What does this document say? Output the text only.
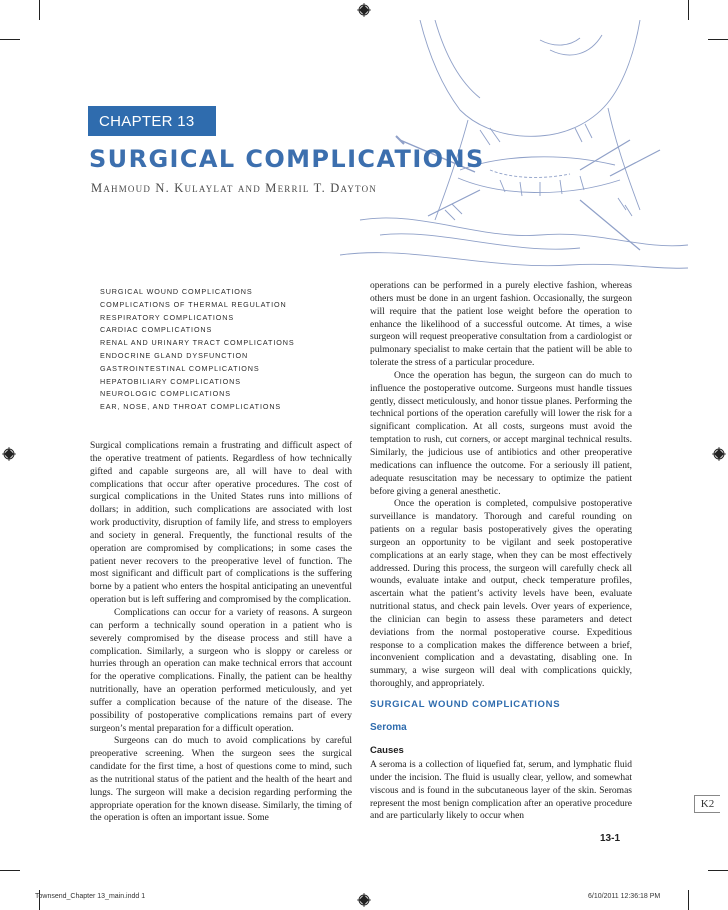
CHAPTER 13
SURGICAL COMPLICATIONS
Mahmoud N. Kulaylat and Merril T. Dayton
SURGICAL WOUND COMPLICATIONS
COMPLICATIONS OF THERMAL REGULATION
RESPIRATORY COMPLICATIONS
CARDIAC COMPLICATIONS
RENAL AND URINARY TRACT COMPLICATIONS
ENDOCRINE GLAND DYSFUNCTION
GASTROINTESTINAL COMPLICATIONS
HEPATOBILIARY COMPLICATIONS
NEUROLOGIC COMPLICATIONS
EAR, NOSE, AND THROAT COMPLICATIONS

Surgical complications remain a frustrating and difficult aspect of the operative treatment of patients. Regardless of how technically gifted and capable surgeons are, all will have to deal with complications that occur after operative procedures. The cost of surgical complications in the United States runs into millions of dollars; in addition, such complications are associated with lost work productivity, disruption of family life, and stress to employers and society in general. Frequently, the functional results of the operation are compromised by complications; in some cases the patient never recovers to the preoperative level of function. The most significant and difficult part of complications is the suffering borne by a patient who enters the hospital anticipating an uneventful operation but is left suffering and compromised by the complication.

Complications can occur for a variety of reasons. A surgeon can perform a technically sound operation in a patient who is severely compromised by the disease process and still have a complication. Similarly, a surgeon who is sloppy or careless or hurries through an operation can make technical errors that account for the operative complications. Finally, the patient can be healthy nutritionally, have an operation performed meticulously, and yet suffer a complication because of the nature of the disease. The possibility of postoperative complications remains part of every surgeon’s mental preparation for a difficult operation.

Surgeons can do much to avoid complications by careful preoperative screening. When the surgeon sees the surgical candidate for the first time, a host of questions come to mind, such as the nutritional status of the patient and the health of the heart and lungs. The surgeon will make a decision regarding performing the appropriate operation for the known disease. Similarly, the timing of the operation is often an important issue. Some

operations can be performed in a purely elective fashion, whereas others must be done in an urgent fashion. Occasionally, the surgeon will require that the patient lose weight before the operation to enhance the likelihood of a successful outcome. At times, a wise surgeon will request preoperative consultation from a cardiologist or pulmonary specialist to make certain that the patient will be able to tolerate the stress of a particular procedure.

Once the operation has begun, the surgeon can do much to influence the postoperative outcome. Surgeons must handle tissues gently, dissect meticulously, and honor tissue planes. Performing the technical portions of the operation carefully will lower the risk for a significant complication. At all costs, surgeons must avoid the temptation to rush, cut corners, or accept marginal technical results. Similarly, the judicious use of antibiotics and other preoperative medications can influence the outcome. For a seriously ill patient, adequate resuscitation may be necessary to optimize the patient before giving a general anesthetic.

Once the operation is completed, compulsive postoperative surveillance is mandatory. Thorough and careful rounding on patients on a regular basis postoperatively gives the operating surgeon an opportunity to be vigilant and seek postoperative complications at an early stage, when they can be most effectively addressed. During this process, the surgeon will carefully check all wounds, evaluate intake and output, check temperature profiles, ascertain what the patient’s activity levels have been, evaluate nutritional status, and check pain levels. Over years of experience, the clinician can begin to assess these parameters and detect deviations from the normal postoperative course. Expeditious response to a complication makes the difference between a brief, inconvenient complication and a devastating, disabling one. In summary, a wise surgeon will deal with complications quickly, thoroughly, and appropriately.

SURGICAL WOUND COMPLICATIONS
Seroma
Causes

A seroma is a collection of liquefied fat, serum, and lymphatic fluid under the incision. The fluid is usually clear, yellow, and somewhat viscous and is found in the subcutaneous layer of the skin. Seromas represent the most benign complication after an operative procedure and are particularly likely to occur when

13-1
K2
Townsend_Chapter 13_main.indd 1	6/10/2011 12:36:18 PM
